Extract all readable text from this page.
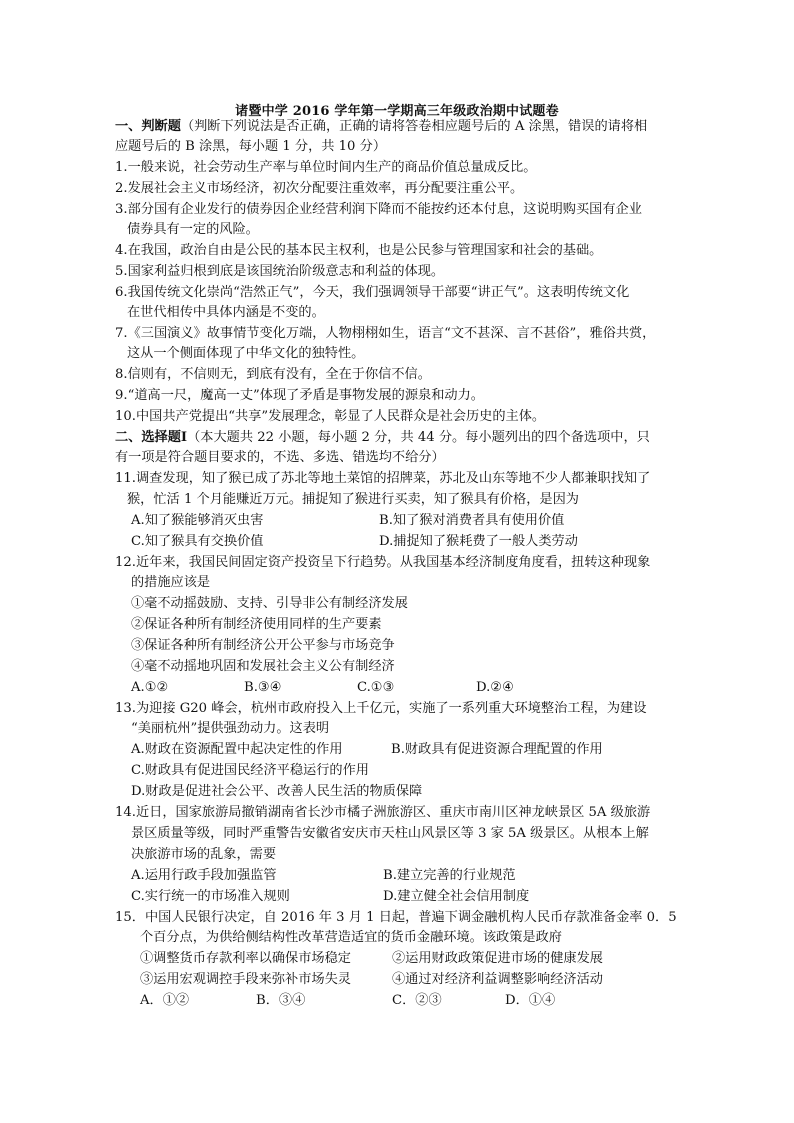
诸暨中学 2016 学年第一学期高三年级政治期中试题卷
一、判断题（判断下列说法是否正确，正确的请将答卷相应题号后的 A 涂黑，错误的请将相
应题号后的 B 涂黑，每小题 1 分，共 10 分）
1.一般来说，社会劳动生产率与单位时间内生产的商品价值总量成反比。
2.发展社会主义市场经济，初次分配要注重效率，再分配要注重公平。
3.部分国有企业发行的债券因企业经营利润下降而不能按约还本付息，这说明购买国有企业
债券具有一定的风险。
4.在我国，政治自由是公民的基本民主权利，也是公民参与管理国家和社会的基础。
5.国家利益归根到底是该国统治阶级意志和利益的体现。
6.我国传统文化崇尚“浩然正气”，今天，我们强调领导干部要“讲正气”。这表明传统文化
在世代相传中具体内涵是不变的。
7.《三国演义》故事情节变化万端，人物栩栩如生，语言“文不甚深、言不甚俗”，雅俗共赏，
这从一个侧面体现了中华文化的独特性。
8.信则有，不信则无，到底有没有，全在于你信不信。
9.“道高一尺，魔高一丈”体现了矛盾是事物发展的源泉和动力。
10.中国共产党提出“共享”发展理念，彰显了人民群众是社会历史的主体。
二、选择题Ⅰ（本大题共 22 小题，每小题 2 分，共 44 分。每小题列出的四个备选项中，只
有一项是符合题目要求的，不选、多选、错选均不给分）
11.调查发现，知了猴已成了苏北等地土菜馆的招牌菜，苏北及山东等地不少人都兼职找知了
猴，忙活 1 个月能赚近万元。捕捉知了猴进行买卖，知了猴具有价格，是因为
A.知了猴能够消灭虫害	B.知了猴对消费者具有使用价值
C.知了猴具有交换价值	D.捕捉知了猴耗费了一般人类劳动
12.近年来，我国民间固定资产投资呈下行趋势。从我国基本经济制度角度看，扭转这种现象
的措施应该是
①毫不动摇鼓励、支持、引导非公有制经济发展
②保证各种所有制经济使用同样的生产要素
③保证各种所有制经济公开公平参与市场竞争
④毫不动摇地巩固和发展社会主义公有制经济
A.①②	B.③④	C.①③	D.②④
13.为迎接 G20 峰会，杭州市政府投入上千亿元，实施了一系列重大环境整治工程，为建设
“美丽杭州”提供强劲动力。这表明
A.财政在资源配置中起决定性的作用	B.财政具有促进资源合理配置的作用
C.财政具有促进国民经济平稳运行的作用
D.财政是促进社会公平、改善人民生活的物质保障
14.近日，国家旅游局撤销湖南省长沙市橘子洲旅游区、重庆市南川区神龙峡景区 5A 级旅游
景区质量等级，同时严重警告安徽省安庆市天柱山风景区等 3 家 5A 级景区。从根本上解
决旅游市场的乱象，需要
A.运用行政手段加强监管	B.建立完善的行业规范
C.实行统一的市场准入规则	D.建立健全社会信用制度
15．中国人民银行决定，自 2016 年 3 月 1 日起，普遍下调金融机构人民币存款准备金率 0．5
个百分点，为供给侧结构性改革营造适宜的货币金融环境。该政策是政府
①调整货币存款利率以确保市场稳定	②运用财政政策促进市场的健康发展
③运用宏观调控手段来弥补市场失灵	④通过对经济利益调整影响经济活动
A．①②	B．③④	C．②③	D．①④
